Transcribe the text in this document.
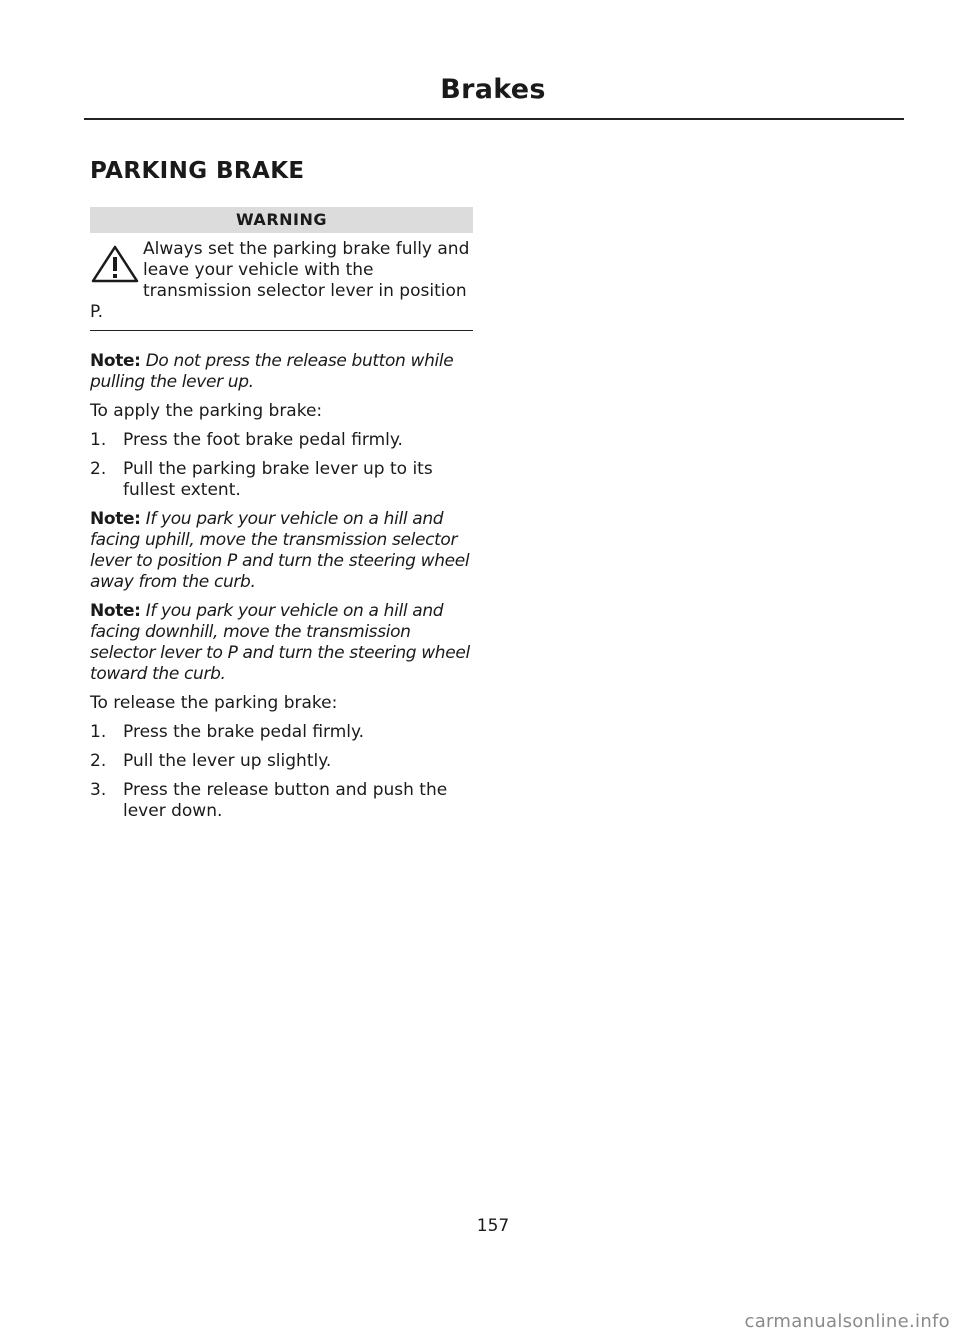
Brakes
PARKING BRAKE
WARNING

Always set the parking brake fully and leave your vehicle with the transmission selector lever in position P.

Note: Do not press the release button while pulling the lever up.

To apply the parking brake:

1. Press the foot brake pedal firmly.
2. Pull the parking brake lever up to its fullest extent.

Note: If you park your vehicle on a hill and facing uphill, move the transmission selector lever to position P and turn the steering wheel away from the curb.

Note: If you park your vehicle on a hill and facing downhill, move the transmission selector lever to P and turn the steering wheel toward the curb.

To release the parking brake:

1. Press the brake pedal firmly.
2. Pull the lever up slightly.
3. Press the release button and push the lever down.
157
carmanualsonline.info
